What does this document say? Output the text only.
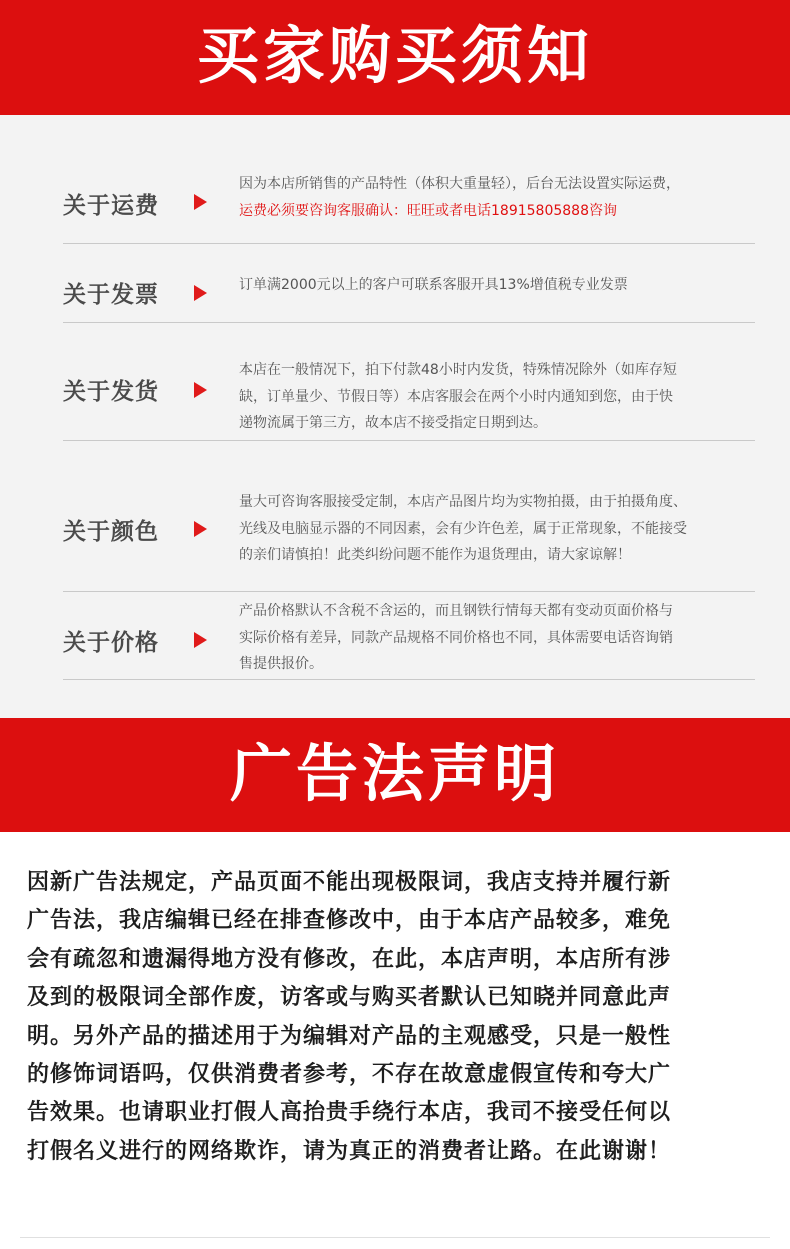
买家购买须知
关于运费
因为本店所销售的产品特性（体积大重量轻），后台无法设置实际运费，
运费必须要咨询客服确认：旺旺或者电话18915805888咨询
关于发票	订单满2000元以上的客户可联系客服开具13%增值税专业发票
关于发货
本店在一般情况下，拍下付款48小时内发货，特殊情况除外（如库存短
缺，订单量少、节假日等）本店客服会在两个小时内通知到您，由于快
递物流属于第三方，故本店不接受指定日期到达。
关于颜色
量大可咨询客服接受定制，本店产品图片均为实物拍摄，由于拍摄角度、
光线及电脑显示器的不同因素，会有少许色差，属于正常现象，不能接受
的亲们请慎拍！此类纠纷问题不能作为退货理由，请大家谅解！
关于价格
产品价格默认不含税不含运的，而且钢铁行情每天都有变动页面价格与
实际价格有差异，同款产品规格不同价格也不同，具体需要电话咨询销
售提供报价。
广告法声明
因新广告法规定，产品页面不能出现极限词，我店支持并履行新
广告法，我店编辑已经在排查修改中，由于本店产品较多，难免
会有疏忽和遗漏得地方没有修改，在此，本店声明，本店所有涉
及到的极限词全部作废，访客或与购买者默认已知晓并同意此声
明。另外产品的描述用于为编辑对产品的主观感受，只是一般性
的修饰词语吗，仅供消费者参考，不存在故意虚假宣传和夸大广
告效果。也请职业打假人高抬贵手绕行本店，我司不接受任何以
打假名义进行的网络欺诈，请为真正的消费者让路。在此谢谢！
